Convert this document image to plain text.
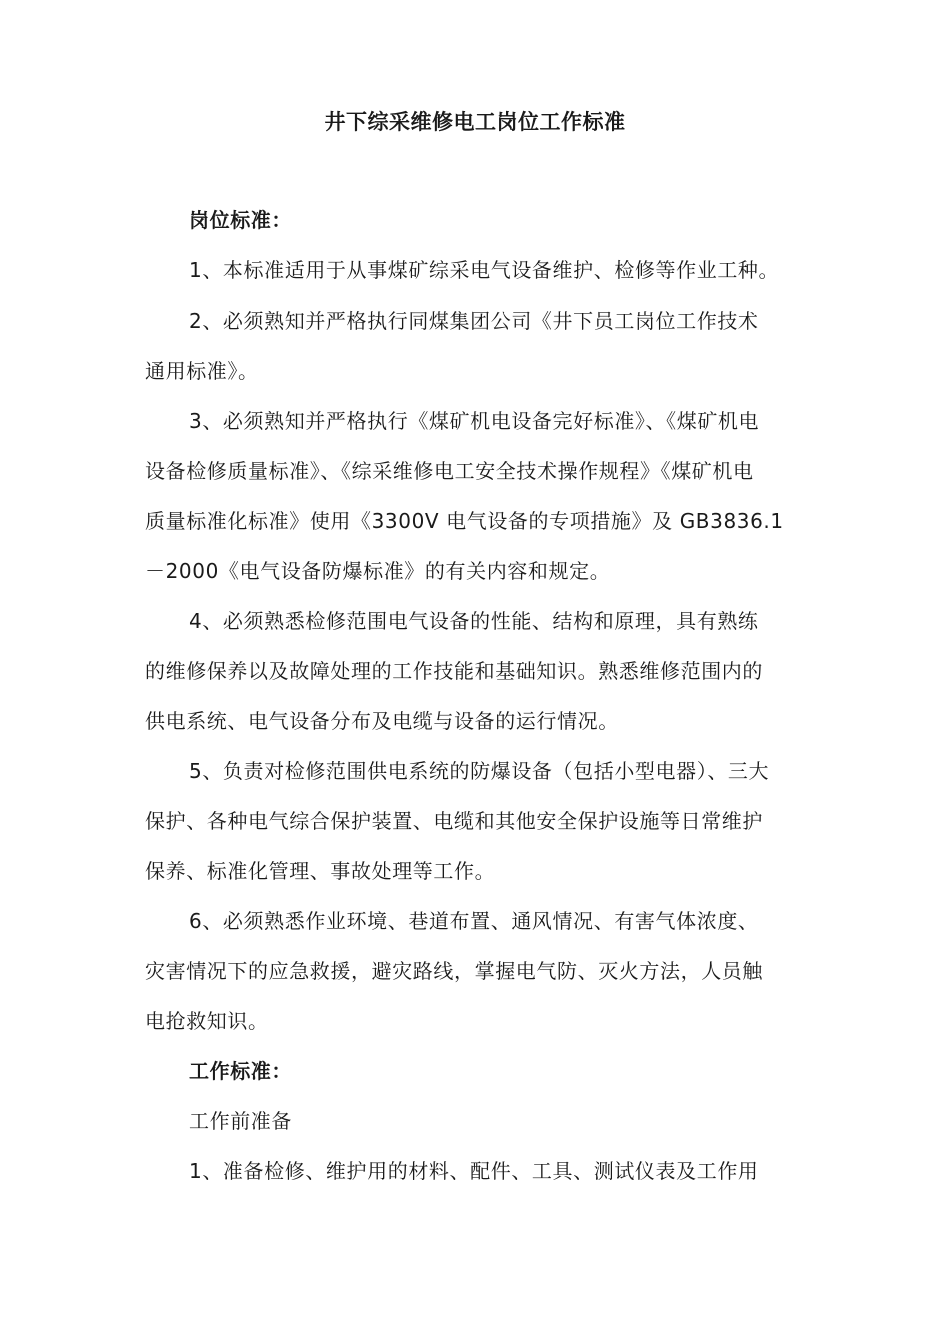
井下综采维修电工岗位工作标准
岗位标准：
1、本标准适用于从事煤矿综采电气设备维护、检修等作业工种。
2、必须熟知并严格执行同煤集团公司《井下员工岗位工作技术
通用标准》。
3、必须熟知并严格执行《煤矿机电设备完好标准》、《煤矿机电
设备检修质量标准》、《综采维修电工安全技术操作规程》《煤矿机电
质量标准化标准》使用《3300V 电气设备的专项措施》及 GB3836.1
－2000《电气设备防爆标准》的有关内容和规定。
4、必须熟悉检修范围电气设备的性能、结构和原理，具有熟练
的维修保养以及故障处理的工作技能和基础知识。熟悉维修范围内的
供电系统、电气设备分布及电缆与设备的运行情况。
5、负责对检修范围供电系统的防爆设备（包括小型电器）、三大
保护、各种电气综合保护装置、电缆和其他安全保护设施等日常维护
保养、标准化管理、事故处理等工作。
6、必须熟悉作业环境、巷道布置、通风情况、有害气体浓度、
灾害情况下的应急救援，避灾路线，掌握电气防、灭火方法，人员触
电抢救知识。
工作标准：
工作前准备
1、准备检修、维护用的材料、配件、工具、测试仪表及工作用
